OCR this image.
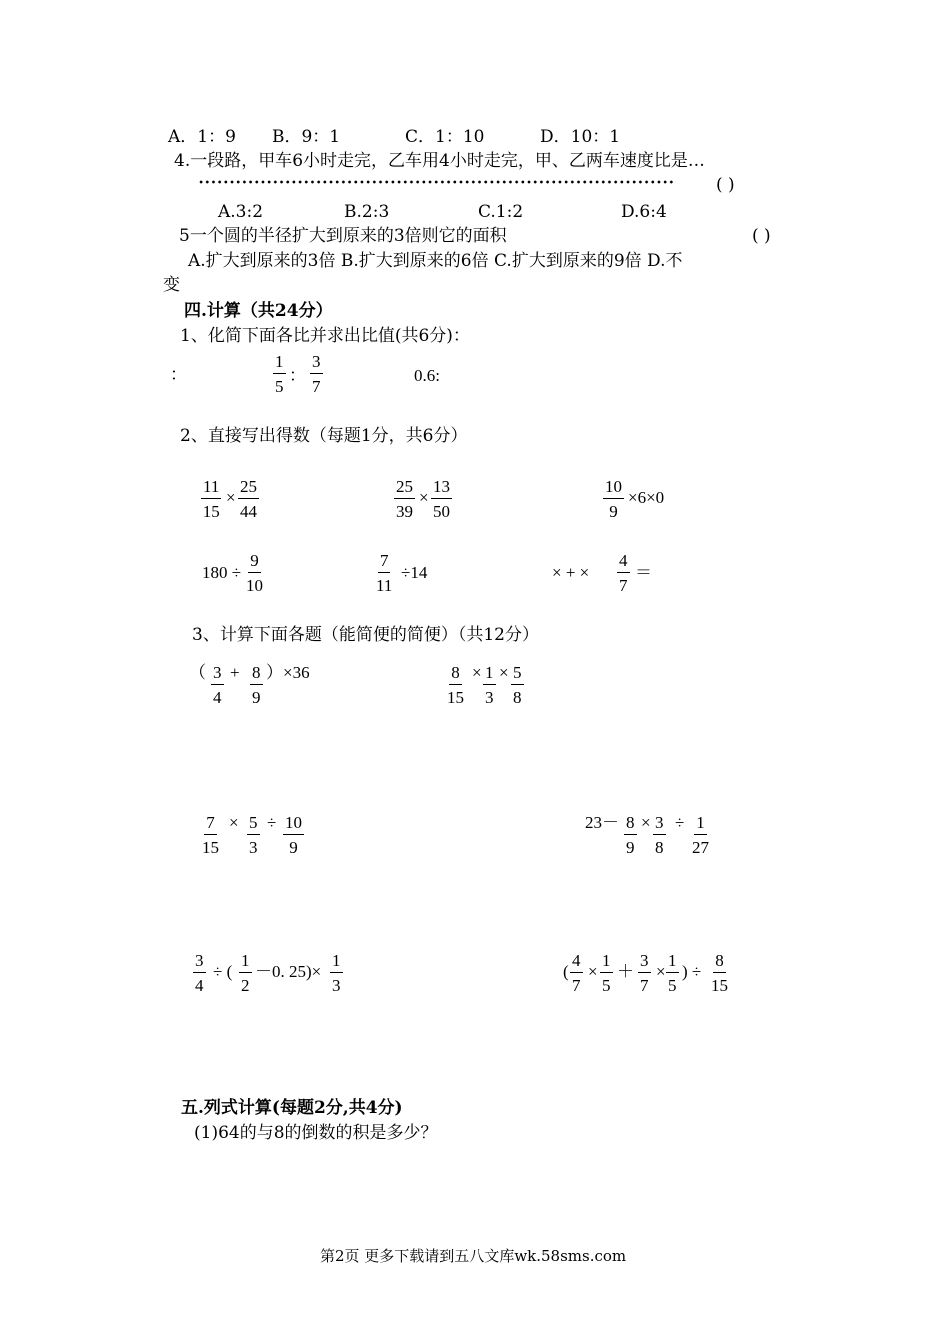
A．1：9 B．9：1	C．1：10	D．10：1
4.一段路，甲车6小时走完，乙车用4小时走完，甲、乙两车速度比是…
( )
A.3:2	B.2:3	C.1:2	D.6:4
5一个圆的半径扩大到原来的3倍则它的面积	( )
A.扩大到原来的3倍 B.扩大到原来的6倍 C.扩大到原来的9倍 D.不
变
四.计算（共24分）
1、化简下面各比并求出比值(共6分)：
：	$\frac{1}{5}$ ： $\frac{3}{7}$	0.6:
2、直接写出得数（每题1分，共6分）
$\frac{11}{15} \times \frac{25}{44}$	$\frac{25}{39} \times \frac{13}{50}$	$\frac{10}{9} \times 6\times 0$
$180 \div \frac{9}{10}$	$\frac{7}{11} \div 14$	× + × $\frac{4}{7}$ ＝
3、计算下面各题（能简便的简便）（共12分）
（ $\frac{3}{4} + \frac{8}{9} )\times 36$	$\frac{8}{15} \times \frac{1}{3} \times \frac{5}{8}$
$\frac{7}{15} \times \frac{5}{3} \div \frac{10}{9}$	$23- \frac{8}{9} \times \frac{3}{8} \div \frac{1}{27}$
$\frac{3}{4}$ ÷ ( $\frac{1}{2} -0$. $25)\times \frac{1}{3}$	( $\frac{4}{7} \times \frac{1}{5} + \frac{3}{7} \times \frac{1}{5}$ ) ÷ $\frac{8}{15}$
五.列式计算(每题2分,共4分)
(1)64的与8的倒数的积是多少？
第2页 更多下载请到五八文库wk.58sms.com
